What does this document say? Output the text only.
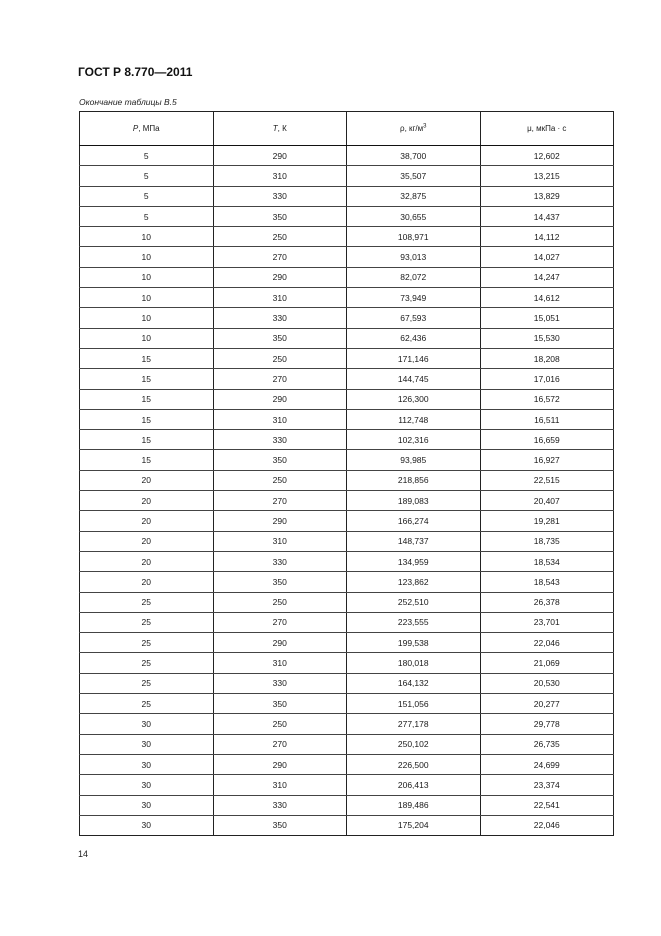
ГОСТ Р 8.770—2011
Окончание таблицы В.5
P, МПа	T, К	ρ, $кг/м^3$	μ, мкПа · с
5	290	38,700	12,602
5	310	35,507	13,215
5	330	32,875	13,829
5	350	30,655	14,437
10	250	108,971	14,112
10	270	93,013	14,027
10	290	82,072	14,247
10	310	73,949	14,612
10	330	67,593	15,051
10	350	62,436	15,530
15	250	171,146	18,208
15	270	144,745	17,016
15	290	126,300	16,572
15	310	112,748	16,511
15	330	102,316	16,659
15	350	93,985	16,927
20	250	218,856	22,515
20	270	189,083	20,407
20	290	166,274	19,281
20	310	148,737	18,735
20	330	134,959	18,534
20	350	123,862	18,543
25	250	252,510	26,378
25	270	223,555	23,701
25	290	199,538	22,046
25	310	180,018	21,069
25	330	164,132	20,530
25	350	151,056	20,277
30	250	277,178	29,778
30	270	250,102	26,735
30	290	226,500	24,699
30	310	206,413	23,374
30	330	189,486	22,541
30	350	175,204	22,046
14
